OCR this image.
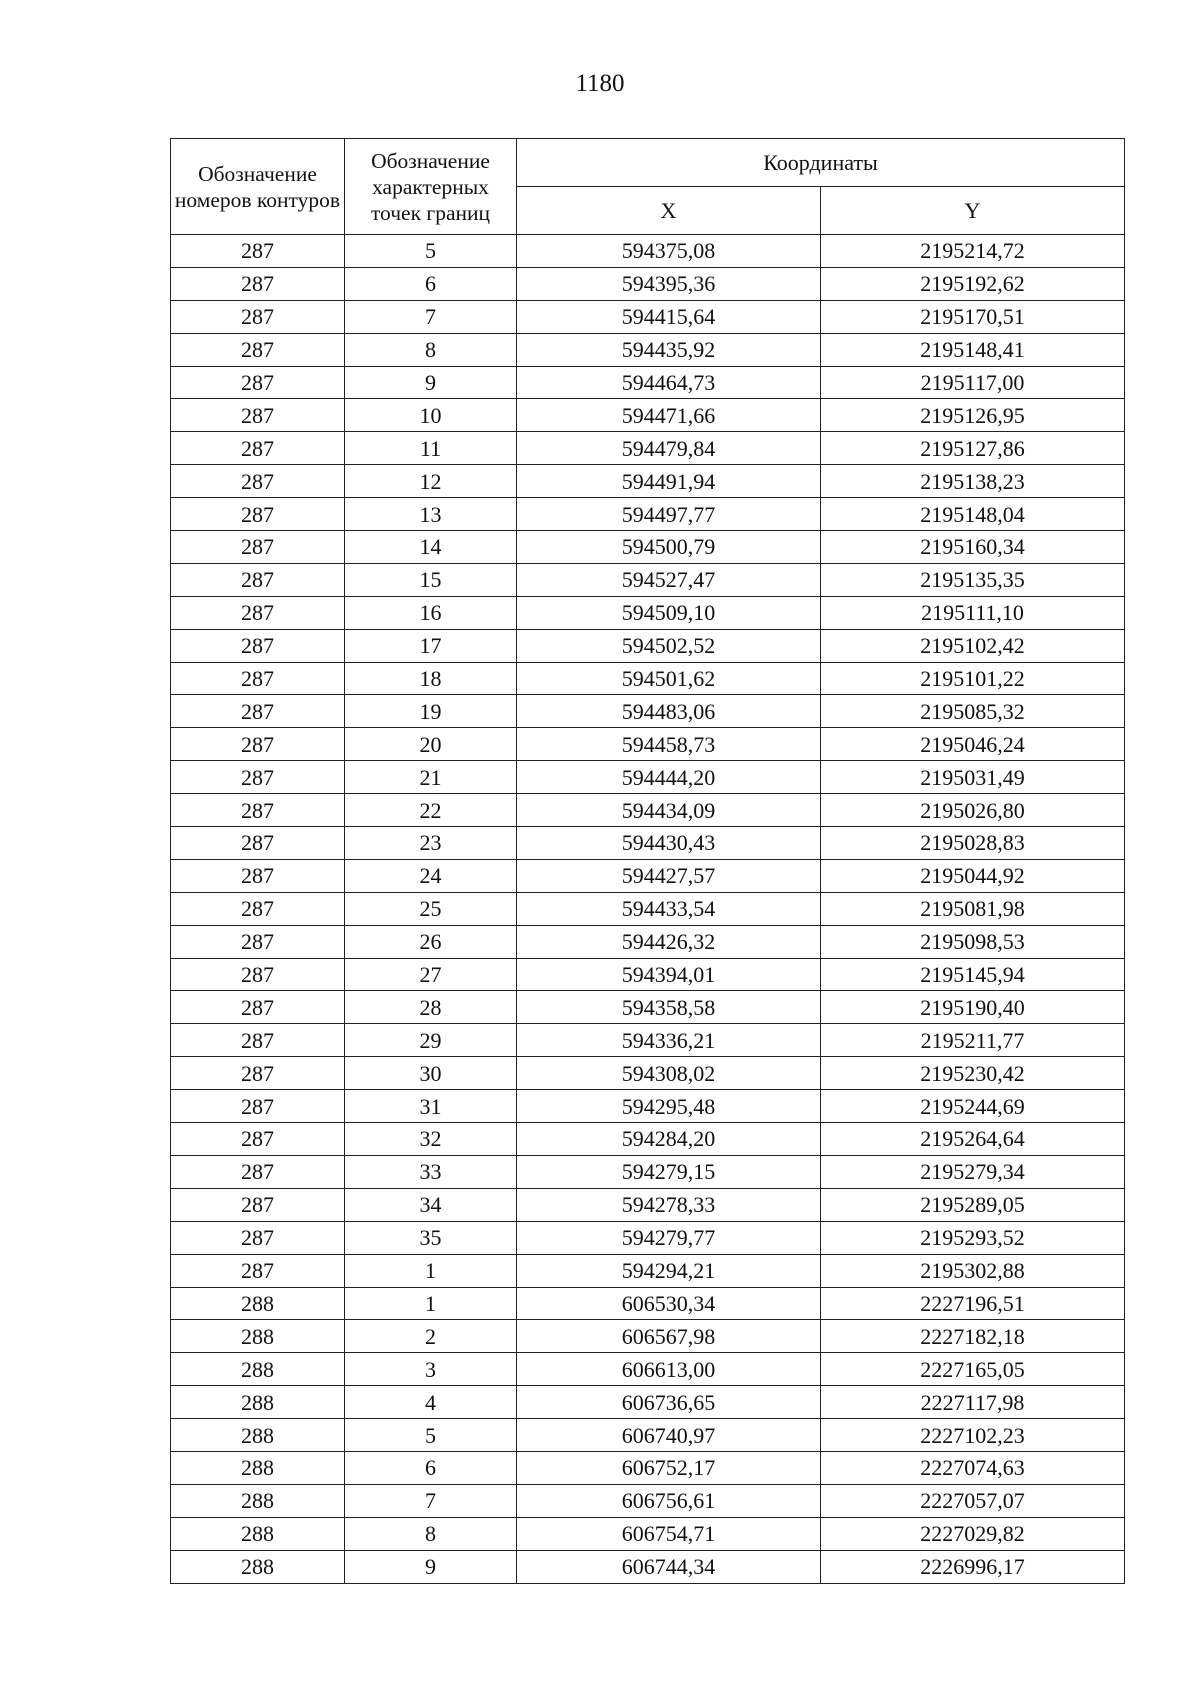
1180
Обозначение номеров контуров	Обозначение характерных точек границ	Координаты	
		X	Y
287	5	594375,08	2195214,72
287	6	594395,36	2195192,62
287	7	594415,64	2195170,51
287	8	594435,92	2195148,41
287	9	594464,73	2195117,00
287	10	594471,66	2195126,95
287	11	594479,84	2195127,86
287	12	594491,94	2195138,23
287	13	594497,77	2195148,04
287	14	594500,79	2195160,34
287	15	594527,47	2195135,35
287	16	594509,10	2195111,10
287	17	594502,52	2195102,42
287	18	594501,62	2195101,22
287	19	594483,06	2195085,32
287	20	594458,73	2195046,24
287	21	594444,20	2195031,49
287	22	594434,09	2195026,80
287	23	594430,43	2195028,83
287	24	594427,57	2195044,92
287	25	594433,54	2195081,98
287	26	594426,32	2195098,53
287	27	594394,01	2195145,94
287	28	594358,58	2195190,40
287	29	594336,21	2195211,77
287	30	594308,02	2195230,42
287	31	594295,48	2195244,69
287	32	594284,20	2195264,64
287	33	594279,15	2195279,34
287	34	594278,33	2195289,05
287	35	594279,77	2195293,52
287	1	594294,21	2195302,88
288	1	606530,34	2227196,51
288	2	606567,98	2227182,18
288	3	606613,00	2227165,05
288	4	606736,65	2227117,98
288	5	606740,97	2227102,23
288	6	606752,17	2227074,63
288	7	606756,61	2227057,07
288	8	606754,71	2227029,82
288	9	606744,34	2226996,17
